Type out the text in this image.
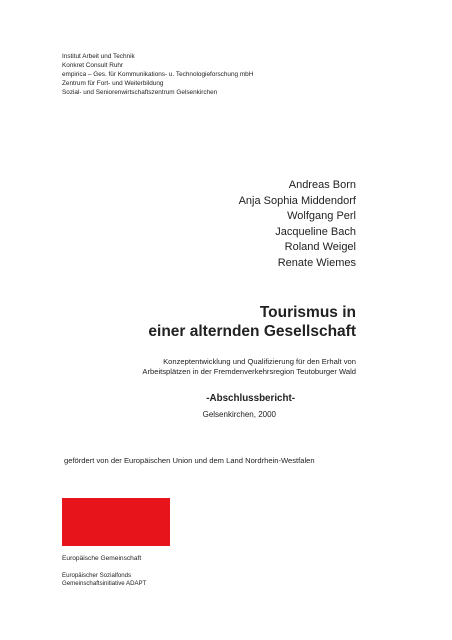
Institut Arbeit und Technik
Konkret Consult Ruhr
empirica – Ges. für Kommunikations- u. Technologieforschung mbH
Zentrum für Fort- und Weiterbildung
Sozial- und Seniorenwirtschaftszentrum Gelsenkirchen
Andreas Born
Anja Sophia Middendorf
Wolfgang Perl
Jacqueline Bach
Roland Weigel
Renate Wiemes
Tourismus in
einer alternden Gesellschaft
Konzeptentwicklung und Qualifizierung für den Erhalt von
Arbeitsplätzen in der Fremdenverkehrsregion Teutoburger Wald
-Abschlussbericht-
Gelsenkirchen, 2000
gefördert von der Europäischen Union und dem Land Nordrhein-Westfalen
Europäische Gemeinschaft
Europäischer Sozialfonds
Gemeinschaftsinitiative ADAPT
